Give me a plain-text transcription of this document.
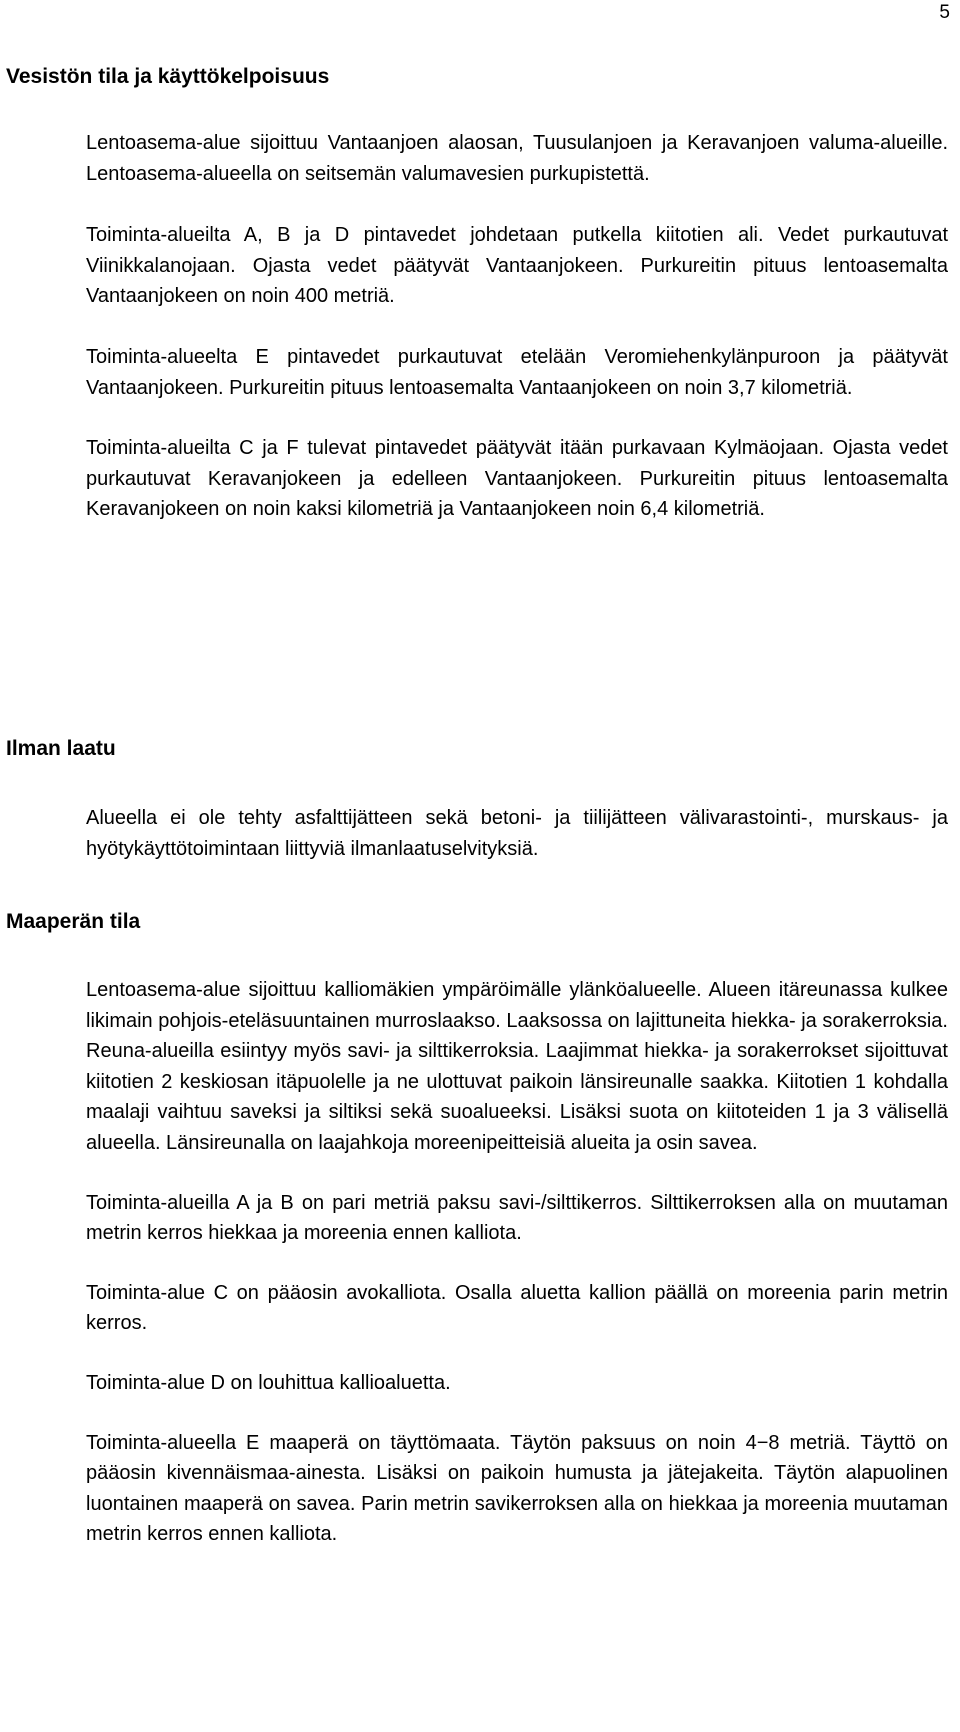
5
Vesistön tila ja käyttökelpoisuus

Lentoasema-alue sijoittuu Vantaanjoen alaosan, Tuusulanjoen ja Keravanjoen valuma-alueille. Lentoasema-alueella on seitsemän valumavesien purkupistettä.

Toiminta-alueilta A, B ja D pintavedet johdetaan putkella kiitotien ali. Vedet purkautuvat Viinikkalanojaan. Ojasta vedet päätyvät Vantaanjokeen. Purkureitin pituus lentoasemalta Vantaanjokeen on noin 400 metriä.

Toiminta-alueelta E pintavedet purkautuvat etelään Veromiehenkylänpuroon ja päätyvät Vantaanjokeen. Purkureitin pituus lentoasemalta Vantaanjokeen on noin 3,7 kilometriä.

Toiminta-alueilta C ja F tulevat pintavedet päätyvät itään purkavaan Kylmäojaan. Ojasta vedet purkautuvat Keravanjokeen ja edelleen Vantaanjokeen. Purkureitin pituus lentoasemalta Keravanjokeen on noin kaksi kilometriä ja Vantaanjokeen noin 6,4 kilometriä.

Ilman laatu

Alueella ei ole tehty asfalttijätteen sekä betoni- ja tiilijätteen välivarastointi-, murskaus- ja hyötykäyttötoimintaan liittyviä ilmanlaatuselvityksiä.

Maaperän tila

Lentoasema-alue sijoittuu kalliomäkien ympäröimälle ylänköalueelle. Alueen itäreunassa kulkee likimain pohjois-eteläsuuntainen murroslaakso. Laaksossa on lajittuneita hiekka- ja sorakerroksia. Reuna-alueilla esiintyy myös savi- ja silttikerroksia. Laajimmat hiekka- ja sorakerrokset sijoittuvat kiitotien 2 keskiosan itäpuolelle ja ne ulottuvat paikoin länsireunalle saakka. Kiitotien 1 kohdalla maalaji vaihtuu saveksi ja siltiksi sekä suoalueeksi. Lisäksi suota on kiitoteiden 1 ja 3 välisellä alueella. Länsireunalla on laajahkoja moreenipeitteisiä alueita ja osin savea.

Toiminta-alueilla A ja B on pari metriä paksu savi-/silttikerros. Silttikerroksen alla on muutaman metrin kerros hiekkaa ja moreenia ennen kalliota.

Toiminta-alue C on pääosin avokalliota. Osalla aluetta kallion päällä on moreenia parin metrin kerros.

Toiminta-alue D on louhittua kallioaluetta.

Toiminta-alueella E maaperä on täyttömaata. Täytön paksuus on noin 4−8 metriä. Täyttö on pääosin kivennäismaa-ainesta. Lisäksi on paikoin humusta ja jätejakeita. Täytön alapuolinen luontainen maaperä on savea. Parin metrin savikerroksen alla on hiekkaa ja moreenia muutaman metrin kerros ennen kalliota.
